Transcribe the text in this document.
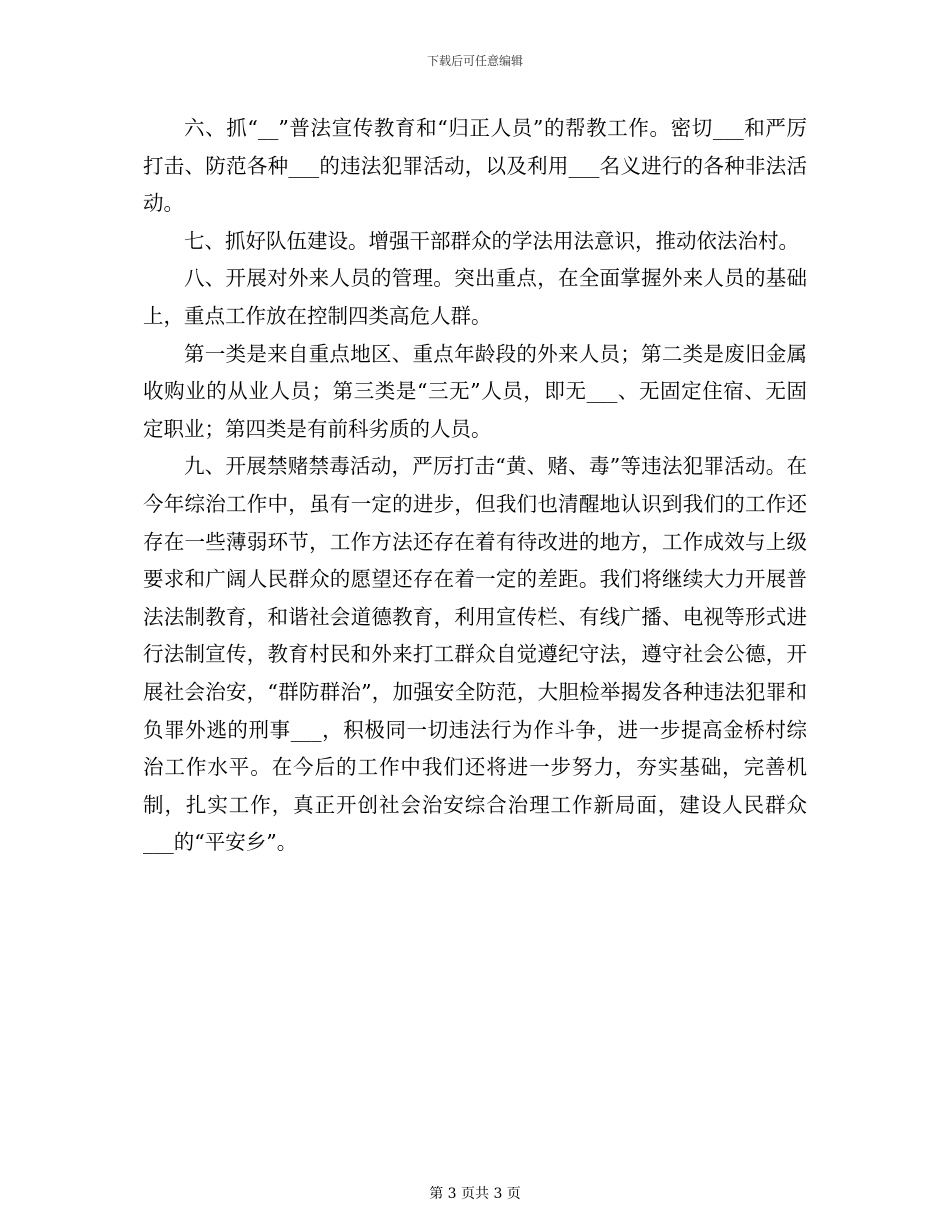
下载后可任意编辑

六、抓“__”普法宣传教育和“归正人员”的帮教工作。密切___和严厉打击、防范各种___的违法犯罪活动，以及利用___名义进行的各种非法活动。

七、抓好队伍建设。增强干部群众的学法用法意识，推动依法治村。

八、开展对外来人员的管理。突出重点，在全面掌握外来人员的基础上，重点工作放在控制四类高危人群。

第一类是来自重点地区、重点年龄段的外来人员；第二类是废旧金属收购业的从业人员；第三类是“三无”人员，即无___、无固定住宿、无固定职业；第四类是有前科劣质的人员。

九、开展禁赌禁毒活动，严厉打击“黄、赌、毒”等违法犯罪活动。在今年综治工作中，虽有一定的进步，但我们也清醒地认识到我们的工作还存在一些薄弱环节，工作方法还存在着有待改进的地方，工作成效与上级要求和广阔人民群众的愿望还存在着一定的差距。我们将继续大力开展普法法制教育，和谐社会道德教育，利用宣传栏、有线广播、电视等形式进行法制宣传，教育村民和外来打工群众自觉遵纪守法，遵守社会公德，开展社会治安，“群防群治”，加强安全防范，大胆检举揭发各种违法犯罪和负罪外逃的刑事___，积极同一切违法行为作斗争，进一步提高金桥村综治工作水平。在今后的工作中我们还将进一步努力，夯实基础，完善机制，扎实工作，真正开创社会治安综合治理工作新局面，建设人民群众___的“平安乡”。

第 3 页共 3 页
